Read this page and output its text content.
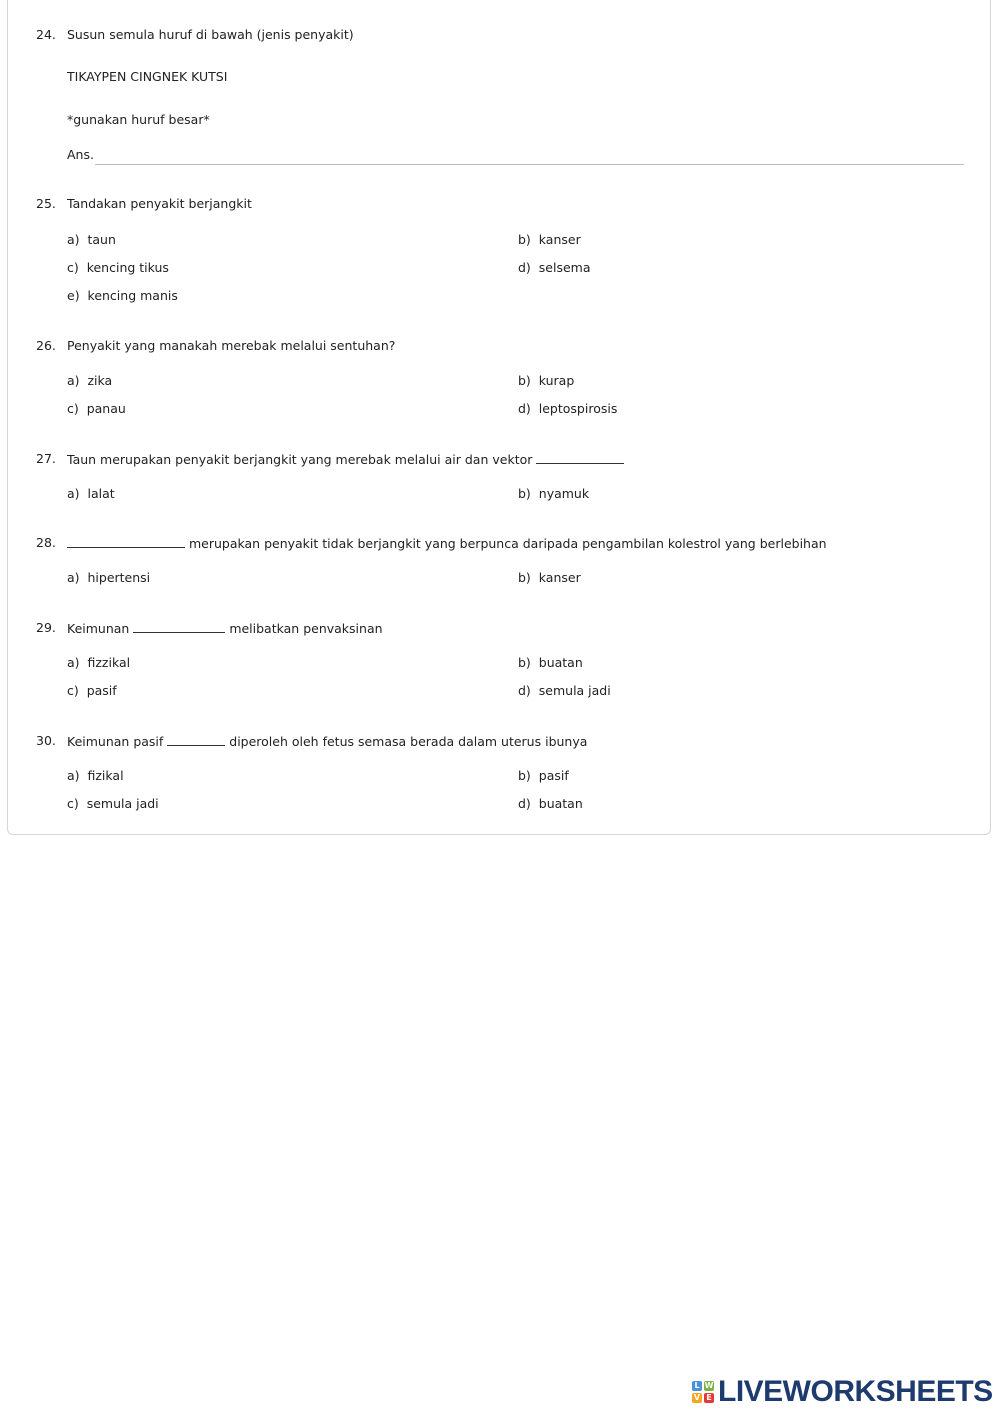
24. Susun semula huruf di bawah (jenis penyakit)
TIKAYPEN CINGNEK KUTSI
*gunakan huruf besar*
Ans.
25. Tandakan penyakit berjangkit
a) taun	b) kanser
c) kencing tikus	d) selsema
e) kencing manis
26. Penyakit yang manakah merebak melalui sentuhan?
a) zika	b) kurap
c) panau	d) leptospirosis
27. Taun merupakan penyakit berjangkit yang merebak melalui air dan vektor
a) lalat	b) nyamuk
28.	merupakan penyakit tidak berjangkit yang berpunca daripada pengambilan kolestrol yang berlebihan
a) hipertensi	b) kanser
29. Keimunan	melibatkan penvaksinan
a) fizzikal	b) buatan
c) pasif	d) semula jadi
30. Keimunan pasif	diperoleh oleh fetus semasa berada dalam uterus ibunya
a) fizikal	b) pasif
c) semula jadi	d) buatan
L W
V E LIVEWORKSHEETS
